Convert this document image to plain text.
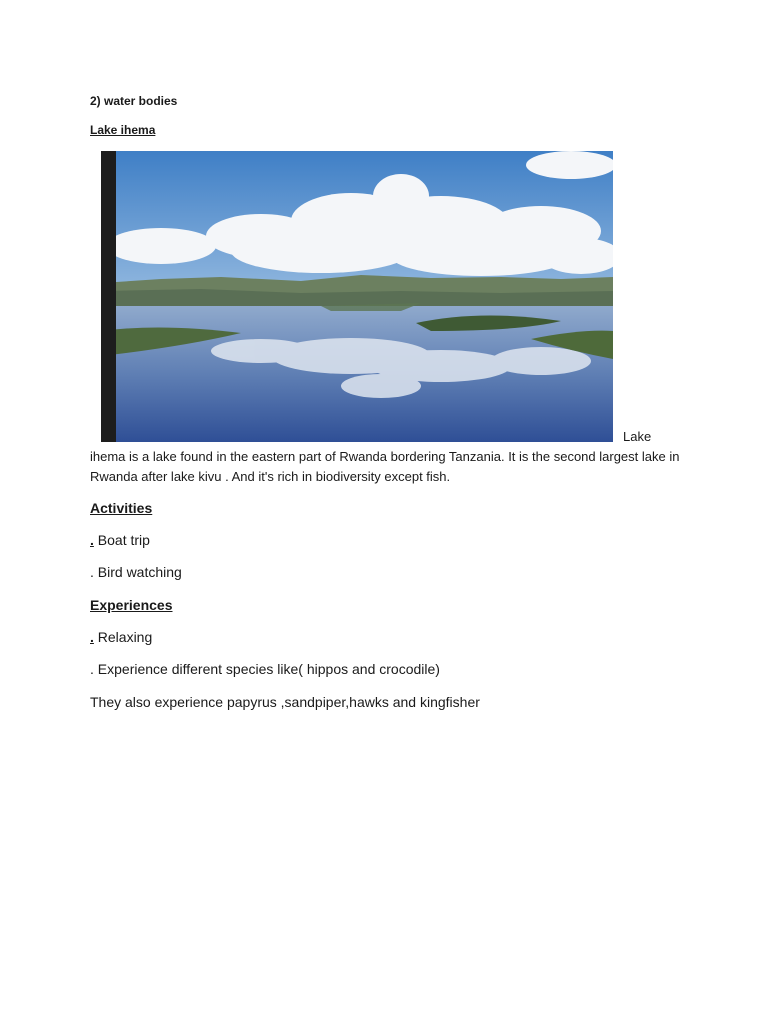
2) water bodies
Lake ihema
Lake ihema is a lake found in the eastern part of Rwanda bordering Tanzania. It is the second largest lake in Rwanda after lake kivu . And it's rich in biodiversity except fish.
Activities
. Boat trip
. Bird watching
Experiences
. Relaxing
. Experience different species like( hippos and crocodile)
They also experience papyrus ,sandpiper,hawks and kingfisher
